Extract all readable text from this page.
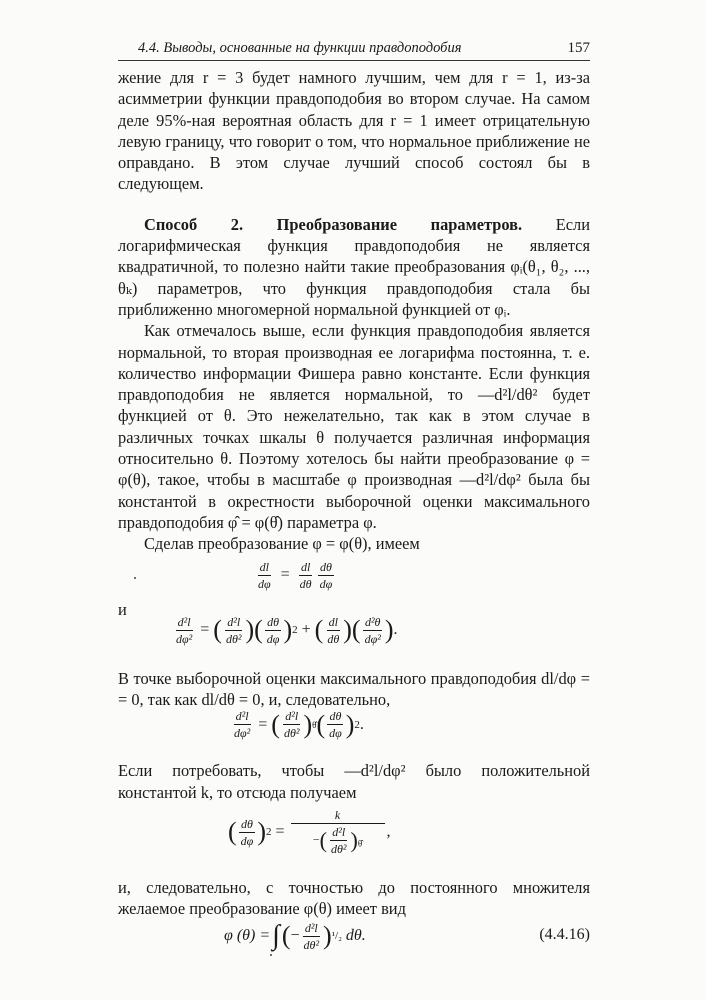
4.4. Выводы, основанные на функции правдоподобия	157

жение для r = 3 будет намного лучшим, чем для r = 1, из-за асимметрии функции правдоподобия во втором случае. На самом деле 95%-ная вероятная область для r = 1 имеет отрицательную левую границу, что говорит о том, что нормальное приближение не оправдано. В этом случае лучший способ состоял бы в следующем.

Способ 2. Преобразование параметров. Если логарифмическая функция правдоподобия не является квадратичной, то полезно найти такие преобразования φᵢ(θ₁, θ₂, ..., θₖ) параметров, что функция правдоподобия стала бы приближенно многомерной нормальной функцией от φᵢ.

Как отмечалось выше, если функция правдоподобия является нормальной, то вторая производная ее логарифма постоянна, т. е. количество информации Фишера равно константе. Если функция правдоподобия не является нормальной, то —d²l/dθ² будет функцией от θ. Это нежелательно, так как в этом случае в различных точках шкалы θ получается различная информация относительно θ. Поэтому хотелось бы найти преобразование φ = φ(θ), такое, чтобы в масштабе φ производная —d²l/dφ² была бы константой в окрестности выборочной оценки максимального правдоподобия φ̂ = φ(θ̂) параметра φ.

Сделав преобразование φ = φ(θ), имеем

$\frac{dl}{d\varphi} = \frac{dl}{d\theta} \frac{d\theta}{d\varphi}$

и

$\frac{\text{d²l}}{\text{dφ²}}$ = ( $\frac{\text{d²l}}{\text{dθ²}}$ ) ( $\frac{d\theta}{d\varphi}$ ) 2 + ( $\frac{dl}{d\theta}$ ) ( $\frac{\text{d²θ}}{\text{dφ²}}$ ) .

В точке выборочной оценки максимального правдоподобия dl/dφ = = 0, так как dl/dθ = 0, и, следовательно,

$\frac{\text{d²l}}{\text{dφ²}}$ = ( $\frac{\text{d²l}}{\text{dθ²}}$ ) θ̂ ( $\frac{d\theta}{d\varphi}$ ) 2 .

Если потребовать, чтобы —d²l/dφ² было положительной константой k, то отсюда получаем

( $\frac{d\theta}{d\varphi}$ ) $2 = \frac{k}{-( \frac{\text{d²l}}{\text{dθ²}} )_{\thetâ}}$ ,

и, следовательно, с точностью до постоянного множителя желаемое преобразование φ(θ) имеет вид

φ (θ) = ∫ ( − $\frac{\text{d²l}}{\text{dθ²}}$ ) ¹/₂ dθ.	(4.4.16)
